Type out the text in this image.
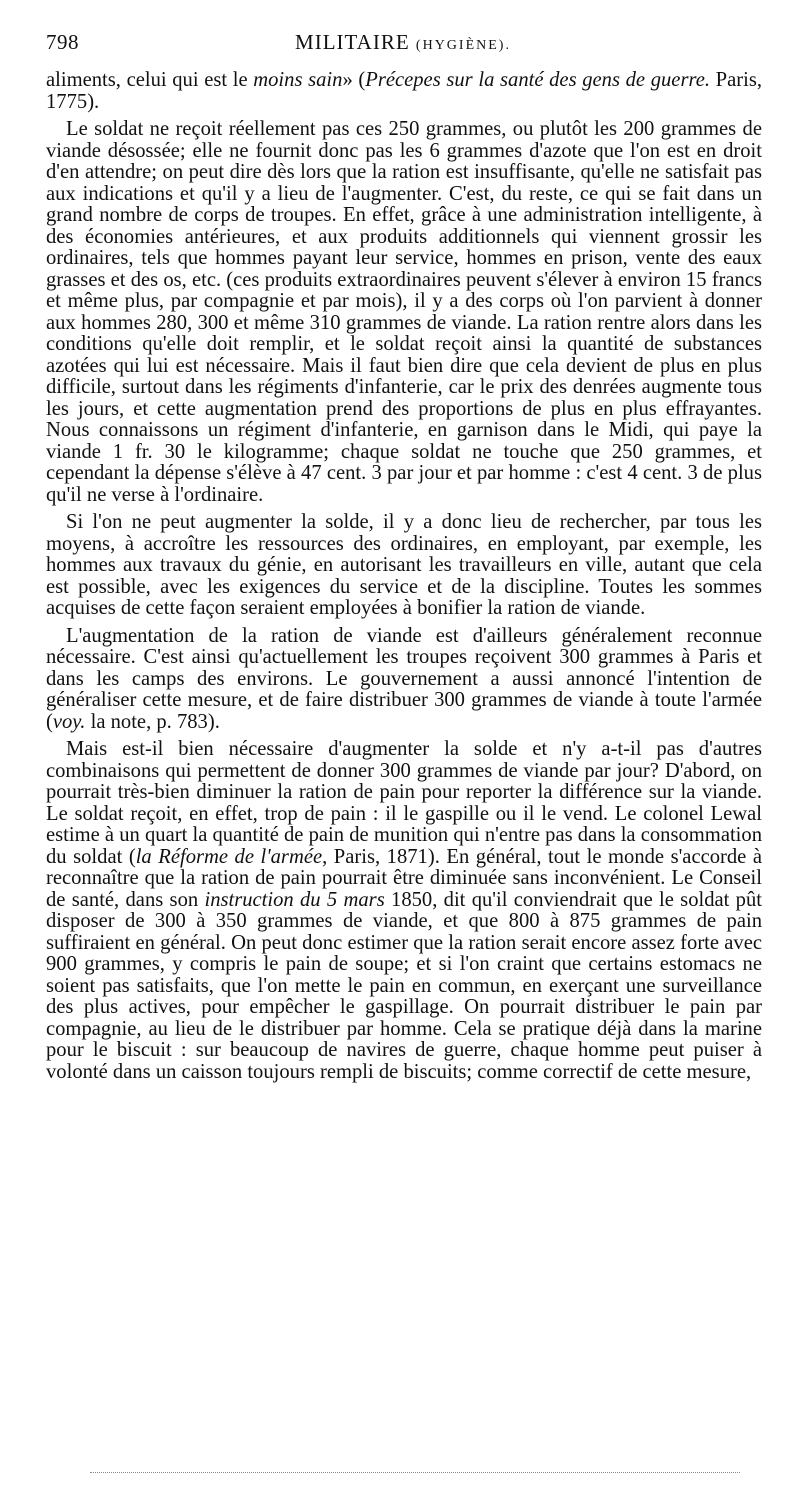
798	MILITAIRE (HYGIÈNE).

aliments, celui qui est le moins sain» (Précepes sur la santé des gens de guerre. Paris, 1775).

Le soldat ne reçoit réellement pas ces 250 grammes, ou plutôt les 200 grammes de viande désossée; elle ne fournit donc pas les 6 grammes d'azote que l'on est en droit d'en attendre; on peut dire dès lors que la ration est insuffisante, qu'elle ne satisfait pas aux indications et qu'il y a lieu de l'augmenter. C'est, du reste, ce qui se fait dans un grand nombre de corps de troupes. En effet, grâce à une administration intelligente, à des économies antérieures, et aux produits additionnels qui viennent grossir les ordinaires, tels que hommes payant leur service, hommes en prison, vente des eaux grasses et des os, etc. (ces produits extraordinaires peuvent s'élever à environ 15 francs et même plus, par compagnie et par mois), il y a des corps où l'on parvient à donner aux hommes 280, 300 et même 310 grammes de viande. La ration rentre alors dans les conditions qu'elle doit remplir, et le soldat reçoit ainsi la quantité de substances azotées qui lui est nécessaire. Mais il faut bien dire que cela devient de plus en plus difficile, surtout dans les régiments d'infanterie, car le prix des denrées augmente tous les jours, et cette augmentation prend des proportions de plus en plus effrayantes. Nous connaissons un régiment d'infanterie, en garnison dans le Midi, qui paye la viande 1 fr. 30 le kilogramme; chaque soldat ne touche que 250 grammes, et cependant la dépense s'élève à 47 cent. 3 par jour et par homme : c'est 4 cent. 3 de plus qu'il ne verse à l'ordinaire.

Si l'on ne peut augmenter la solde, il y a donc lieu de rechercher, par tous les moyens, à accroître les ressources des ordinaires, en employant, par exemple, les hommes aux travaux du génie, en autorisant les travailleurs en ville, autant que cela est possible, avec les exigences du service et de la discipline. Toutes les sommes acquises de cette façon seraient employées à bonifier la ration de viande.

L'augmentation de la ration de viande est d'ailleurs généralement reconnue nécessaire. C'est ainsi qu'actuellement les troupes reçoivent 300 grammes à Paris et dans les camps des environs. Le gouvernement a aussi annoncé l'intention de généraliser cette mesure, et de faire distribuer 300 grammes de viande à toute l'armée (voy. la note, p. 783).

Mais est-il bien nécessaire d'augmenter la solde et n'y a-t-il pas d'autres combinaisons qui permettent de donner 300 grammes de viande par jour? D'abord, on pourrait très-bien diminuer la ration de pain pour reporter la différence sur la viande. Le soldat reçoit, en effet, trop de pain : il le gaspille ou il le vend. Le colonel Lewal estime à un quart la quantité de pain de munition qui n'entre pas dans la consommation du soldat (la Réforme de l'armée, Paris, 1871). En général, tout le monde s'accorde à reconnaître que la ration de pain pourrait être diminuée sans inconvénient. Le Conseil de santé, dans son instruction du 5 mars 1850, dit qu'il conviendrait que le soldat pût disposer de 300 à 350 grammes de viande, et que 800 à 875 grammes de pain suffiraient en général. On peut donc estimer que la ration serait encore assez forte avec 900 grammes, y compris le pain de soupe; et si l'on craint que certains estomacs ne soient pas satisfaits, que l'on mette le pain en commun, en exerçant une surveillance des plus actives, pour empêcher le gaspillage. On pourrait distribuer le pain par compagnie, au lieu de le distribuer par homme. Cela se pratique déjà dans la marine pour le biscuit : sur beaucoup de navires de guerre, chaque homme peut puiser à volonté dans un caisson toujours rempli de biscuits; comme correctif de cette mesure,
